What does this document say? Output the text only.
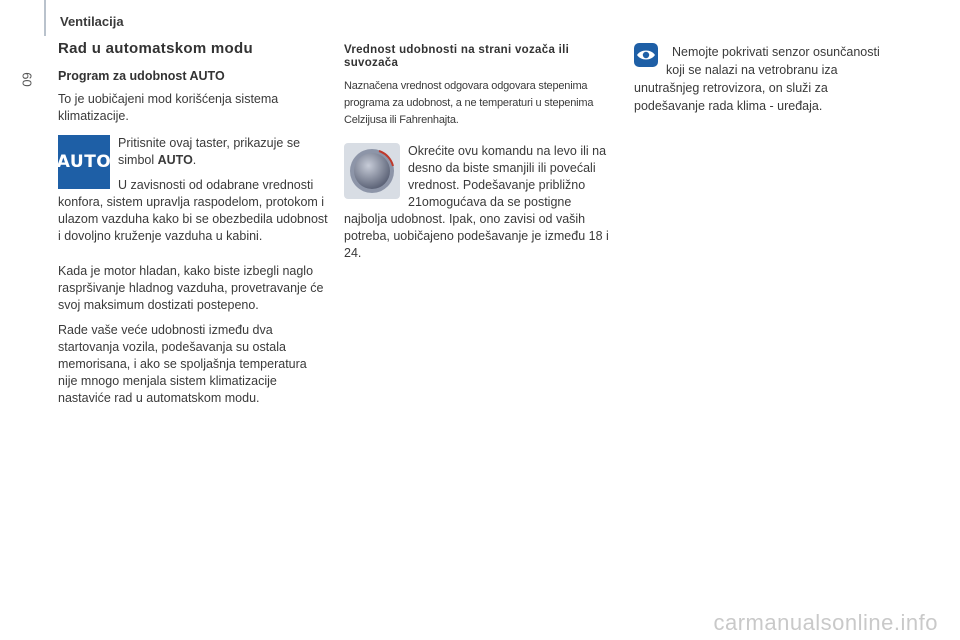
Ventilacija
60
Rad u automatskom modu
Program za udobnost AUTO

To je uobičajeni mod korišćenja sistema klimatizacije.

AUTO

Pritisnite ovaj taster, prikazuje se simbol AUTO.

U zavisnosti od odabrane vrednosti konfora, sistem upravlja raspodelom, protokom i ulazom vazduha kako bi se obezbedila udobnost i dovoljno kruženje vazduha u kabini.

Kada je motor hladan, kako biste izbegli naglo raspršivanje hladnog vazduha, provetravanje će svoj maksimum dostizati postepeno.

Rade vaše veće udobnosti između dva startovanja vozila, podešavanja su ostala memorisana, i ako se spoljašnja temperatura nije mnogo menjala sistem klimatizacije nastaviće rad u automatskom modu.

Vrednost udobnosti na strani vozača ili suvozača

Naznačena vrednost odgovara odgovara stepenima programa za udobnost, a ne temperaturi u stepenima Celzijusa ili Fahrenhajta.

Okrećite ovu komandu na levo ili na desno da biste smanjili ili povećali vrednost. Podešavanje približno 21omogućava da se postigne najbolja udobnost. Ipak, ono zavisi od vaših potreba, uobičajeno podešavanje je između 18 i 24.

Nemojte pokrivati senzor osunčanosti koji se nalazi na vetrobranu iza unutrašnjeg retrovizora, on služi za podešavanje rada klima - uređaja.

carmanualsonline.info
